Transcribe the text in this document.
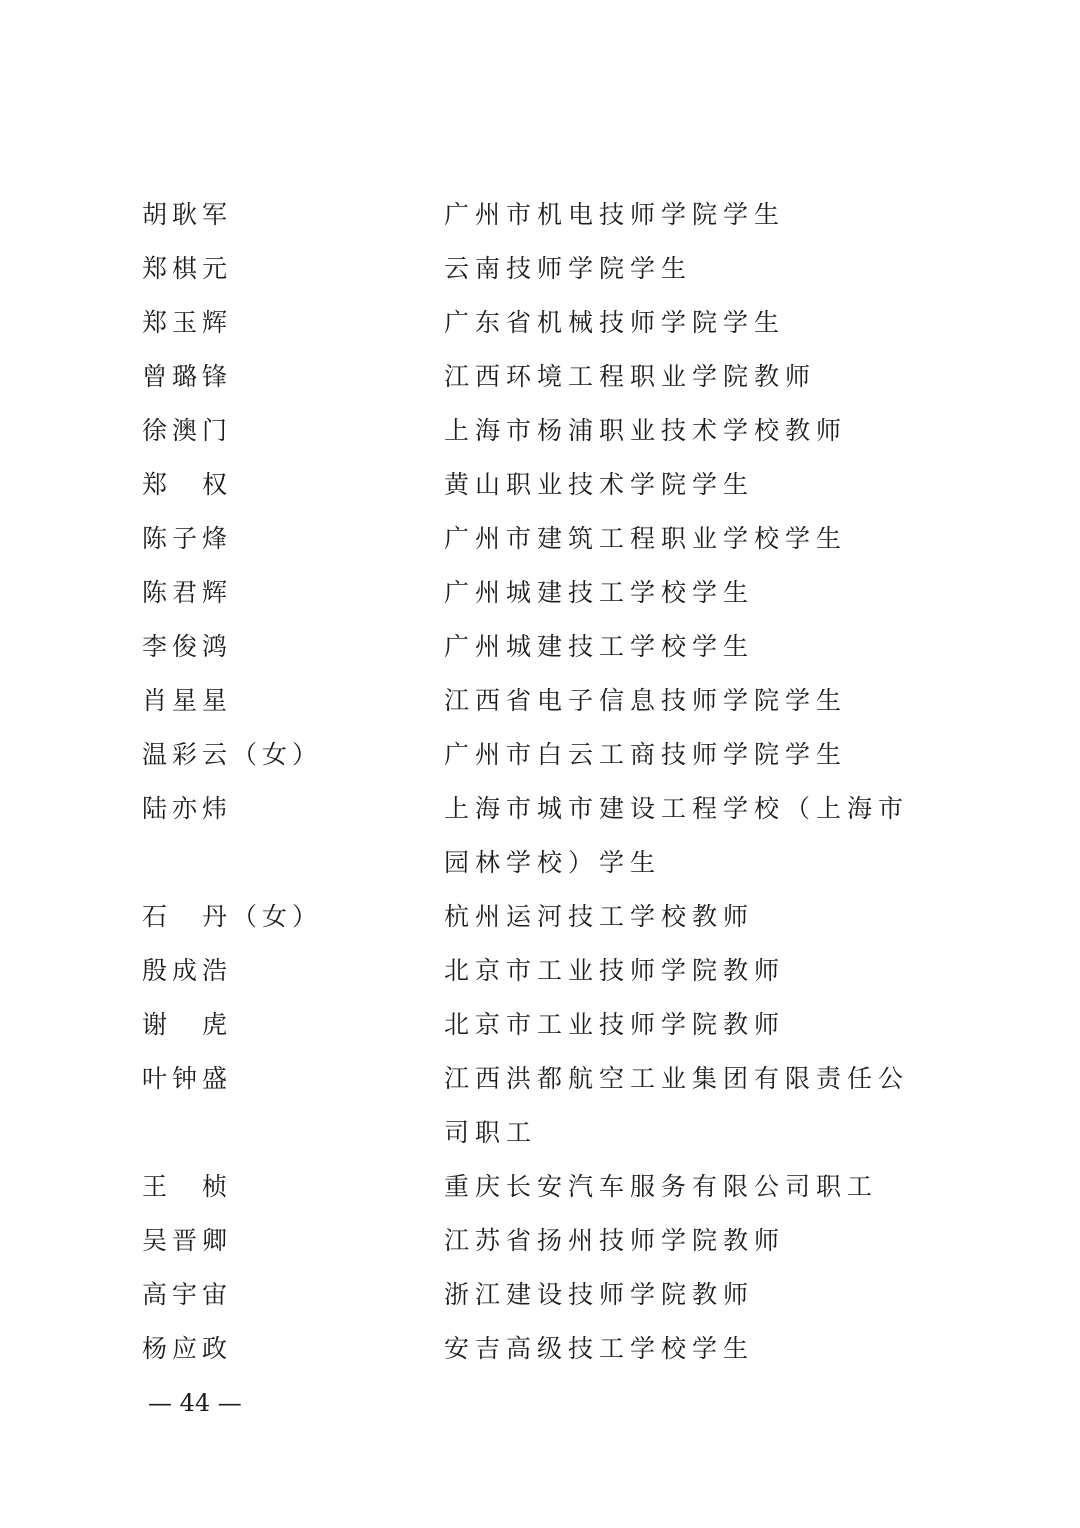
胡耿军	广州市机电技师学院学生
郑棋元	云南技师学院学生
郑玉辉	广东省机械技师学院学生
曾璐锋	江西环境工程职业学院教师
徐澳门	上海市杨浦职业技术学校教师
郑　权	黄山职业技术学院学生
陈子烽	广州市建筑工程职业学校学生
陈君辉	广州城建技工学校学生
李俊鸿	广州城建技工学校学生
肖星星	江西省电子信息技师学院学生
温彩云（女）	广州市白云工商技师学院学生
陆亦炜	上海市城市建设工程学校（上海市园林学校）学生
石　丹（女）	杭州运河技工学校教师
殷成浩	北京市工业技师学院教师
谢　虎	北京市工业技师学院教师
叶钟盛	江西洪都航空工业集团有限责任公司职工
王　桢	重庆长安汽车服务有限公司职工
吴晋卿	江苏省扬州技师学院教师
高宇宙	浙江建设技师学院教师
杨应政	安吉高级技工学校学生
— 44 —
